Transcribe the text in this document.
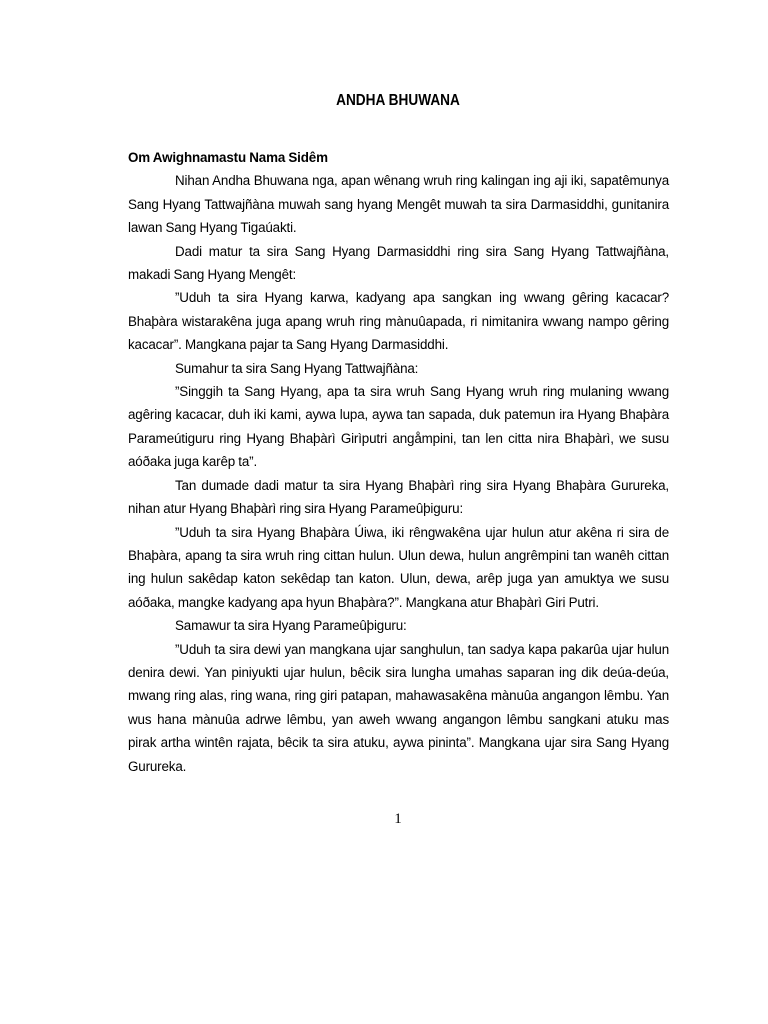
ANDHA BHUWANA

Om Awighnamastu Nama Sidêm

Nihan Andha Bhuwana nga, apan wênang wruh ring kalingan ing aji iki, sapatêmunya Sang Hyang Tattwajñàna muwah sang hyang Mengêt muwah ta sira Darmasiddhi, gunitanira lawan Sang Hyang Tigaúakti.

Dadi matur ta sira Sang Hyang Darmasiddhi ring sira Sang Hyang Tattwajñàna, makadi Sang Hyang Mengêt:

”Uduh ta sira Hyang karwa, kadyang apa sangkan ing wwang gêring kacacar? Bhaþàra wistarakêna juga apang wruh ring mànuûapada, ri nimitanira wwang nampo gêring kacacar”. Mangkana pajar ta Sang Hyang Darmasiddhi.

Sumahur ta sira Sang Hyang Tattwajñàna:

”Singgih ta Sang Hyang, apa ta sira wruh Sang Hyang wruh ring mulaning wwang agêring kacacar, duh iki kami, aywa lupa, aywa tan sapada, duk patemun ira Hyang Bhaþàra Parameútiguru ring Hyang Bhaþàrì Girìputri angåmpini, tan len citta nira Bhaþàrì, we susu aóðaka juga karêp ta”.

Tan dumade dadi matur ta sira Hyang Bhaþàrì ring sira Hyang Bhaþàra Gurureka, nihan atur Hyang Bhaþàrì ring sira Hyang Parameûþiguru:

”Uduh ta sira Hyang Bhaþàra Úiwa, iki rêngwakêna ujar hulun atur akêna ri sira de Bhaþàra, apang ta sira wruh ring cittan hulun. Ulun dewa, hulun angrêmpini tan wanêh cittan ing hulun sakêdap katon sekêdap tan katon. Ulun, dewa, arêp juga yan amuktya we susu aóðaka, mangke kadyang apa hyun Bhaþàra?”. Mangkana atur Bhaþàrì Giri Putri.

Samawur ta sira Hyang Parameûþiguru:

”Uduh ta sira dewi yan mangkana ujar sanghulun, tan sadya kapa pakarûa ujar hulun denira dewi. Yan piniyukti ujar hulun, bêcik sira lungha umahas saparan ing dik deúa-deúa, mwang ring alas, ring wana, ring giri patapan, mahawasakêna mànuûa angangon lêmbu. Yan wus hana mànuûa adrwe lêmbu, yan aweh wwang angangon lêmbu sangkani atuku mas pirak artha wintên rajata, bêcik ta sira atuku, aywa pininta”. Mangkana ujar sira Sang Hyang Gurureka.

1
